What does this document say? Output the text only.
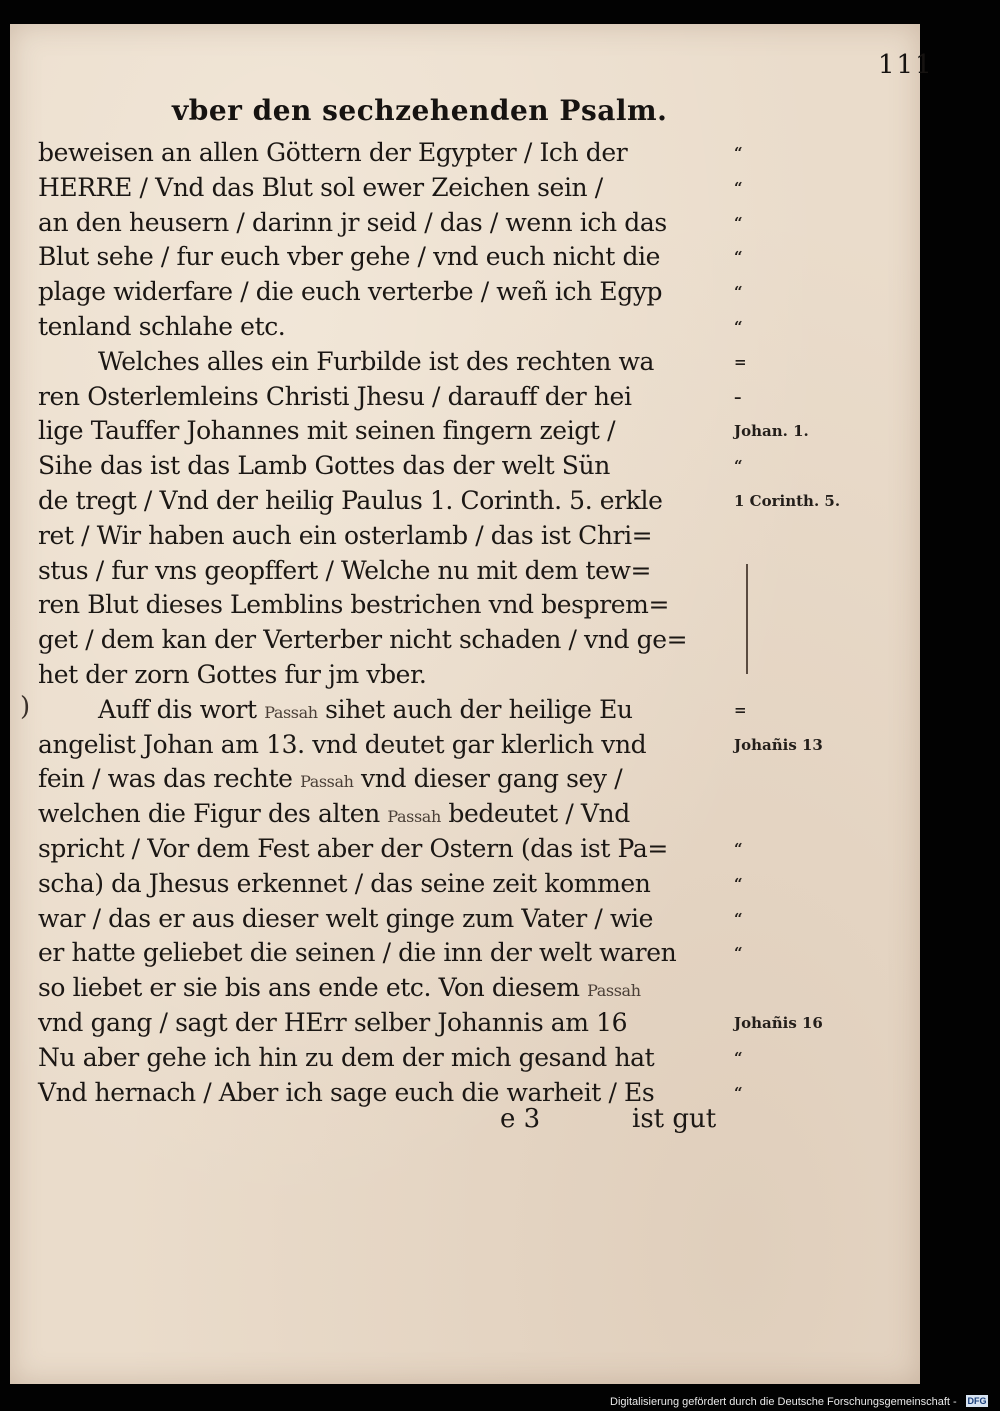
111
vber den sechzehenden Psalm.
)
beweisen an allen Göttern der Egypter / Ich der
HERRE / Vnd das Blut sol ewer Zeichen sein /
an den heusern / darinn jr seid / das / wenn ich das
Blut sehe / fur euch vber gehe / vnd euch nicht die
plage widerfare / die euch verterbe / weñ ich Egyp
tenland schlahe etc.
Welches alles ein Furbilde ist des rechten wa
ren Osterlemleins Christi Jhesu / darauff der hei
lige Tauffer Johannes mit seinen fingern zeigt /
Sihe das ist das Lamb Gottes das der welt Sün
de tregt / Vnd der heilig Paulus 1. Corinth. 5. erkle
ret / Wir haben auch ein osterlamb / das ist Chri=
stus / fur vns geopffert / Welche nu mit dem tew=
ren Blut dieses Lemblins bestrichen vnd besprem=
get / dem kan der Verterber nicht schaden / vnd ge=
het der zorn Gottes fur jm vber.
Auff dis wort Passah sihet auch der heilige Eu
angelist Johan am 13. vnd deutet gar klerlich vnd
fein / was das rechte Passah vnd dieser gang sey /
welchen die Figur des alten Passah bedeutet / Vnd
spricht / Vor dem Fest aber der Ostern (das ist Pa=
scha) da Jhesus erkennet / das seine zeit kommen
war / das er aus dieser welt ginge zum Vater / wie
er hatte geliebet die seinen / die inn der welt waren
so liebet er sie bis ans ende etc. Von diesem Passah
vnd gang / sagt der HErr selber Johannis am 16
Nu aber gehe ich hin zu dem der mich gesand hat
Vnd hernach / Aber ich sage euch die warheit / Es
“
“
“
“
“
“
=
–
Johan. 1.
“
1 Corinth. 5.
=
Johañis 13
“
“
“
“
Johañis 16
“
“
e 3	ist gut
Digitalisierung gefördert durch die Deutsche Forschungsgemeinschaft - DFG
